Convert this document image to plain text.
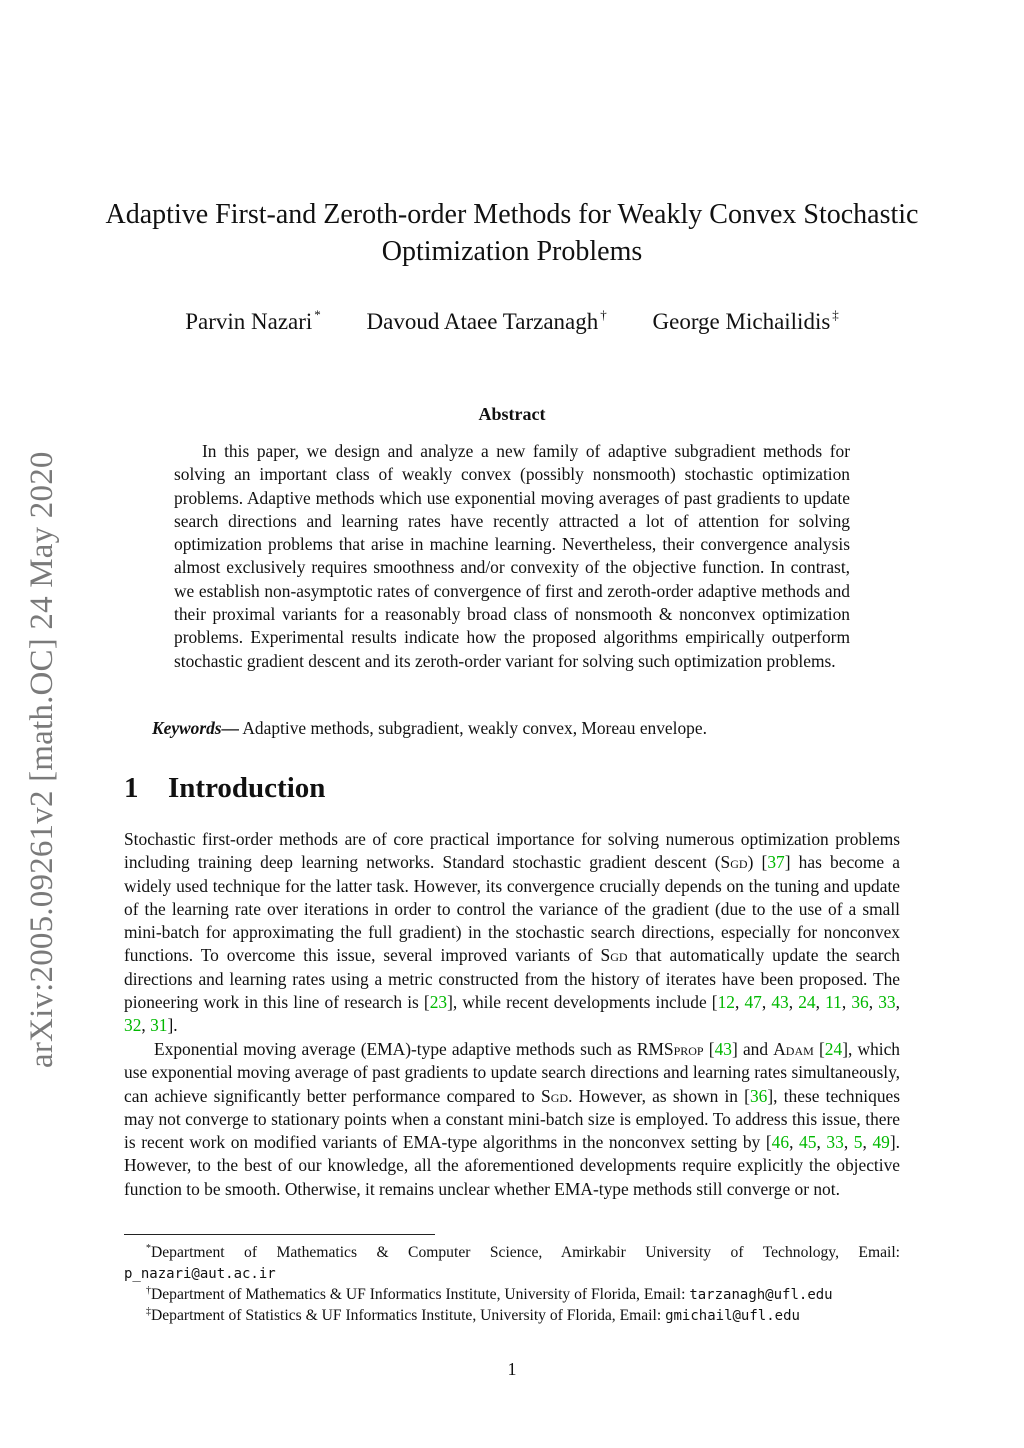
arXiv:2005.09261v2 [math.OC] 24 May 2020
Adaptive First-and Zeroth-order Methods for Weakly Convex Stochastic Optimization Problems
Parvin Nazari * Davoud Ataee Tarzanagh † George Michailidis ‡
Abstract

In this paper, we design and analyze a new family of adaptive subgradient methods for solving an important class of weakly convex (possibly nonsmooth) stochastic optimization problems. Adaptive methods which use exponential moving averages of past gradients to update search directions and learning rates have recently attracted a lot of attention for solving optimization problems that arise in machine learning. Nevertheless, their convergence analysis almost exclusively requires smoothness and/or convexity of the objective function. In contrast, we establish non-asymptotic rates of convergence of first and zeroth-order adaptive methods and their proximal variants for a reasonably broad class of nonsmooth & nonconvex optimization problems. Experimental results indicate how the proposed algorithms empirically outperform stochastic gradient descent and its zeroth-order variant for solving such optimization problems.

Keywords— Adaptive methods, subgradient, weakly convex, Moreau envelope.
1 Introduction

Stochastic first-order methods are of core practical importance for solving numerous optimization problems including training deep learning networks. Standard stochastic gradient descent (Sgd) [37] has become a widely used technique for the latter task. However, its convergence crucially depends on the tuning and update of the learning rate over iterations in order to control the variance of the gradient (due to the use of a small mini-batch for approximating the full gradient) in the stochastic search directions, especially for nonconvex functions. To overcome this issue, several improved variants of Sgd that automatically update the search directions and learning rates using a metric constructed from the history of iterates have been proposed. The pioneering work in this line of research is [23], while recent developments include [12, 47, 43, 24, 11, 36, 33, 32, 31].

Exponential moving average (EMA)-type adaptive methods such as RMSprop [43] and Adam [24], which use exponential moving average of past gradients to update search directions and learning rates simultaneously, can achieve significantly better performance compared to Sgd. However, as shown in [36], these techniques may not converge to stationary points when a constant mini-batch size is employed. To address this issue, there is recent work on modified variants of EMA-type algorithms in the nonconvex setting by [46, 45, 33, 5, 49]. However, to the best of our knowledge, all the aforementioned developments require explicitly the objective function to be smooth. Otherwise, it remains unclear whether EMA-type methods still converge or not.

*Department of Mathematics & Computer Science, Amirkabir University of Technology, Email: p_nazari@aut.ac.ir

†Department of Mathematics & UF Informatics Institute, University of Florida, Email: tarzanagh@ufl.edu

‡Department of Statistics & UF Informatics Institute, University of Florida, Email: gmichail@ufl.edu

1
